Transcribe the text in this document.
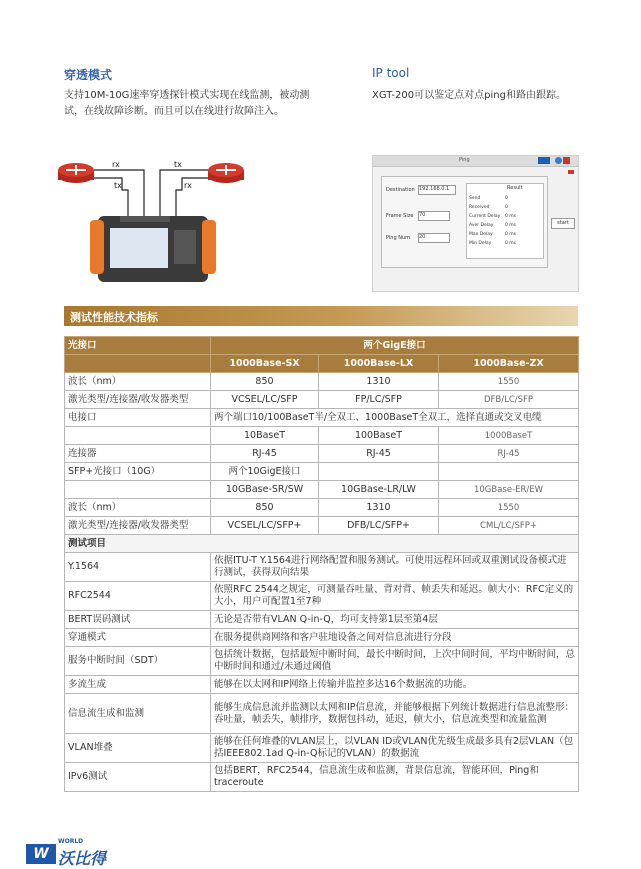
穿透模式
支持10M-10G速率穿透探针模式实现在线监测，被动测试，在线故障诊断。而且可以在线进行故障注入。
IP tool
XGT-200可以鉴定点对点ping和路由跟踪。
rx
tx
tx
rx
Ping
Destination 192.168.0.1
Frame Size 70
Ping Num 20
Result
Send
Received
Current Delay
Aver Delay
Max Delay
Min Delay
0
0
0 ms
0 ms
0 ms
0 ms
start
测试性能技术指标
光接口	两个GigE接口		
	1000Base-SX	1000Base-LX	1000Base-ZX
波长（nm）	850	1310	1550
激光类型/连接器/收发器类型	VCSEL/LC/SFP	FP/LC/SFP	DFB/LC/SFP
电接口	两个端口10/100BaseT半/全双工、1000BaseT全双工，选择直通或交叉电缆		
	10BaseT	100BaseT	1000BaseT
连接器	RJ-45	RJ-45	RJ-45
SFP+光接口（10G）	两个10GigE接口		
	10GBase-SR/SW	10GBase-LR/LW	10GBase-ER/EW
波长（nm）	850	1310	1550
激光类型/连接器/收发器类型	VCSEL/LC/SFP+	DFB/LC/SFP+	CML/LC/SFP+
测试项目			
Y.1564	依据ITU-T Y.1564进行网络配置和服务测试。可使用远程环回或双重测试设备模式进行测试，获得双向结果		
RFC2544	依照RFC 2544之规定，可测量吞吐量、背对背、帧丢失和延迟。帧大小：RFC定义的大小，用户可配置1至7种		
BERT误码测试	无论是否带有VLAN Q-in-Q，均可支持第1层至第4层		
穿通模式	在服务提供商网络和客户驻地设备之间对信息流进行分段		
服务中断时间（SDT）	包括统计数据，包括最短中断时间，最长中断时间，上次中间时间，平均中断时间，总中断时间和通过/未通过阈值		
多流生成	能够在以太网和IP网络上传输并监控多达16个数据流的功能。		
信息流生成和监测	能够生成信息流并监测以太网和IP信息流，并能够根据下列统计数据进行信息流整形：吞吐量，帧丢失，帧排序，数据包抖动，延迟，帧大小，信息流类型和流量监测		
VLAN堆叠	能够在任何堆叠的VLAN层上，以VLAN ID或VLAN优先级生成最多具有2层VLAN（包括IEEE802.1ad Q-in-Q标记的VLAN）的数据流		
IPv6测试	包括BERT，RFC2544，信息流生成和监测，背景信息流，智能环回，Ping和traceroute		
W
WORLD
沃比得
